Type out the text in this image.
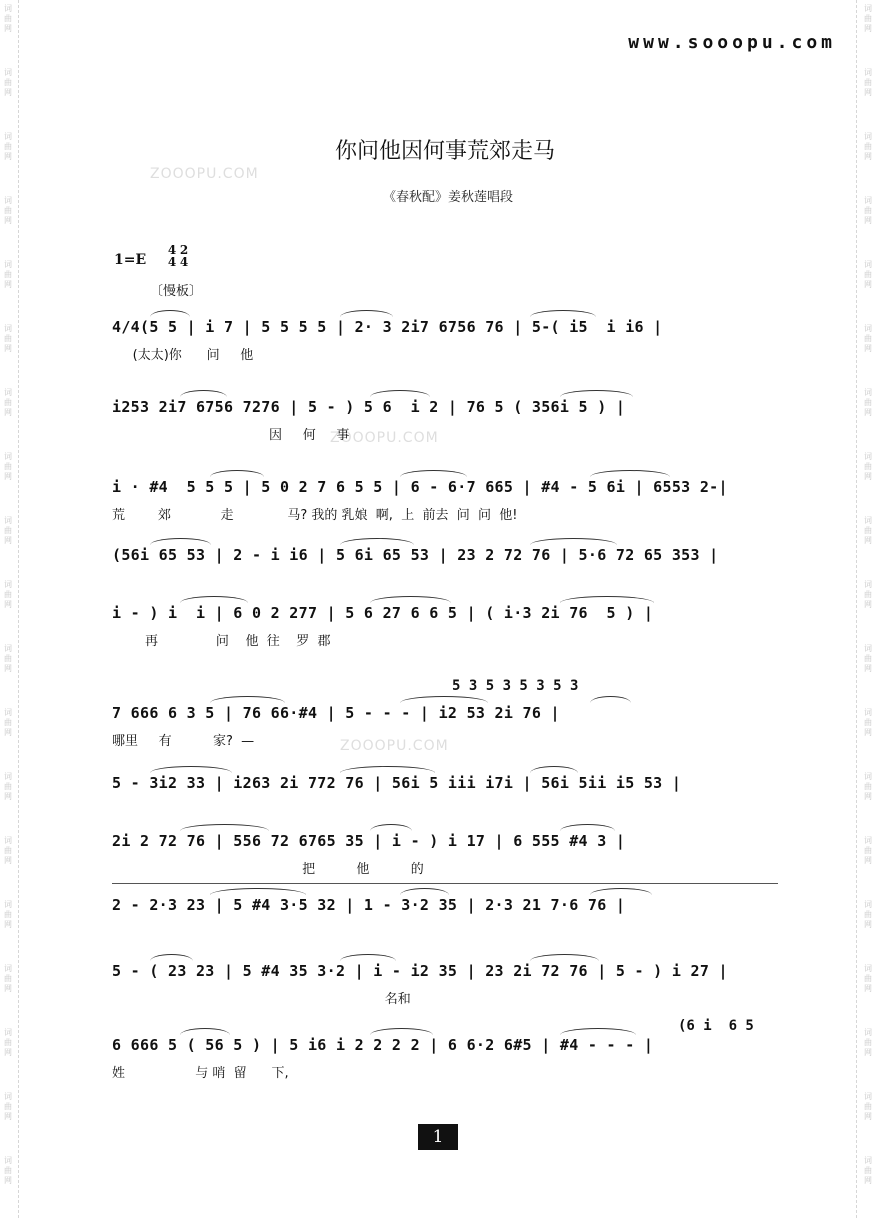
词曲网
词曲网
词曲网
词曲网
词曲网
词曲网
词曲网
词曲网
词曲网
词曲网
词曲网
词曲网
词曲网
词曲网
词曲网
词曲网
词曲网
词曲网
词曲网
词曲网
词曲网
词曲网
词曲网
词曲网
词曲网
词曲网
词曲网
词曲网
词曲网
词曲网
词曲网
词曲网
词曲网
词曲网
词曲网
词曲网
词曲网
词曲网
www.sooopu.com
ZOOOPU.COM
ZOOOPU.COM
ZOOOPU.COM
你问他因何事荒郊走马
《春秋配》姜秋莲唱段
1=E
4 2
4 4
〔慢板〕
4/4(5 5 | i 7 | 5 5 5 5 | 2· 3 2i7 6756 76 | 5-( i5  i i6 |
(太太)你      问     他
i253 2i7 6756 7276 | 5 - ) 5 6  i 2 | 76 5 ( 356i 5 ) |
因     何     事
i · #4  5 5 5 | 5 0 2 7 6 5 5 | 6 - 6·7 665 | #4 - 5 6i | 6553 2-|
荒        郊            走             马? 我的 乳娘  啊,  上  前去  问  问  他!
(56i 65 53 | 2 - i i6 | 5 6i 65 53 | 23 2 72 76 | 5·6 72 65 353 |
i - ) i  i | 6 0 2 277 | 5 6 27 6 6 5 | ( i·3 2i 76  5 ) |
再              问    他  往    罗  郡
7 666 6 3 5 | 76 66·#4 | 5 - - - | i2 53 2i 76 |
哪里     有          家?  —
5 - 3i2 33 | i263 2i 772 76 | 56i 5 iii i7i | 56i 5ii i5 53 |
2i 2 72 76 | 556 72 6765 35 | i - ) i 17 | 6 555 #4 3 |
把          他          的
2 - 2·3 23 | 5 #4 3·5 32 | 1 - 3·2 35 | 2·3 21 7·6 76 |
5 - ( 23 23 | 5 #4 35 3·2 | i - i2 35 | 23 2i 72 76 | 5 - ) i 27 |
名和
6 666 5 ( 56 5 ) | 5 i6 i 2 2 2 2 | 6 6·2 6#5 | #4 - - - |
姓                 与 哨  留      下,
5 3 5 3 5 3 5 3
(6 i  6 5
1
